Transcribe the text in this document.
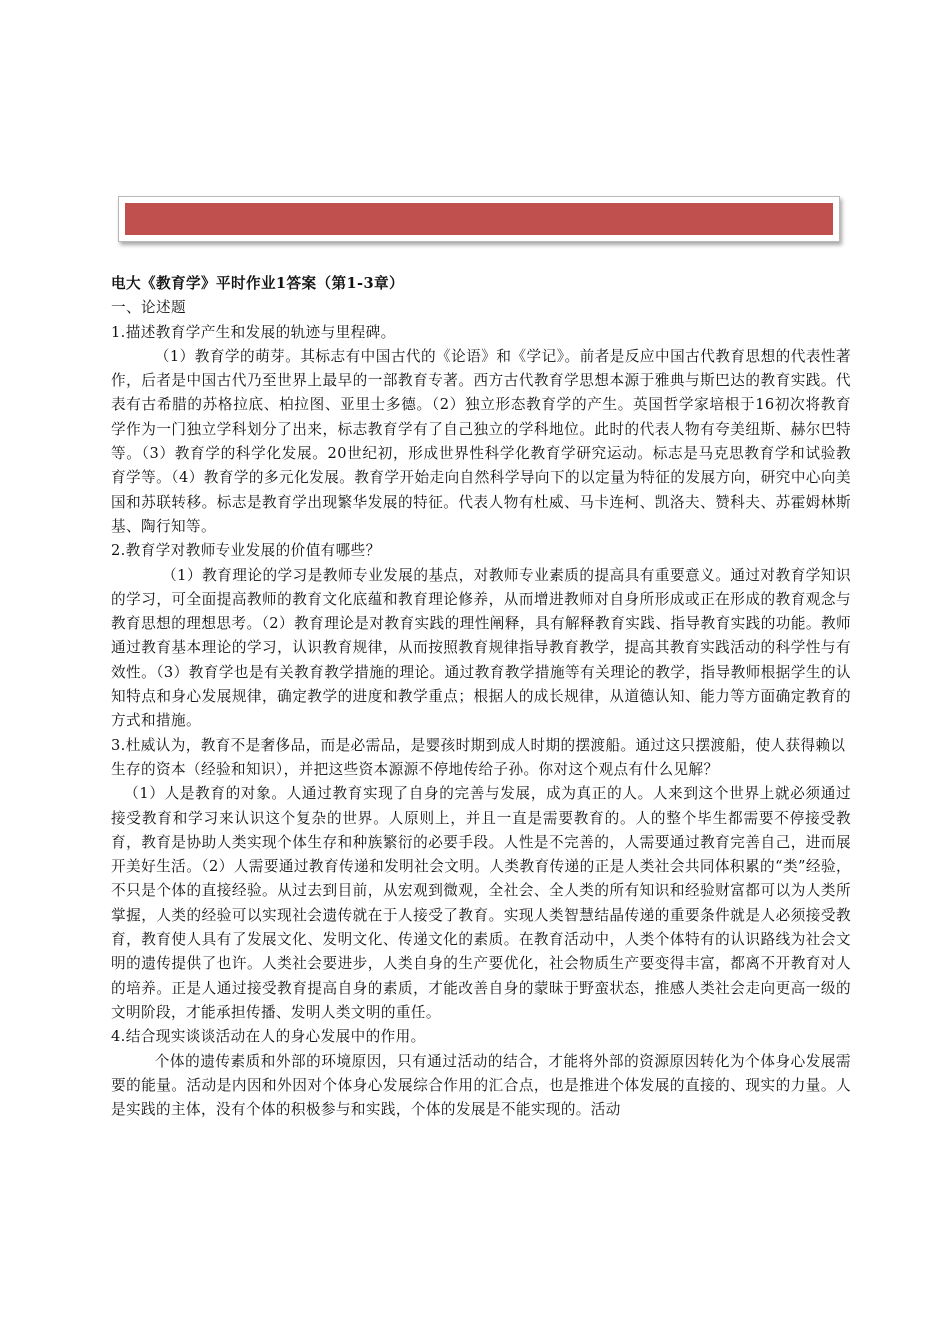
电大《教育学》平时作业1答案（第1-3章）

一、论述题

1.描述教育学产生和发展的轨迹与里程碑。

（1）教育学的萌芽。其标志有中国古代的《论语》和《学记》。前者是反应中国古代教育思想的代表性著作，后者是中国古代乃至世界上最早的一部教育专著。西方古代教育学思想本源于雅典与斯巴达的教育实践。代表有古希腊的苏格拉底、柏拉图、亚里士多德。（2）独立形态教育学的产生。英国哲学家培根于16初次将教育学作为一门独立学科划分了出来，标志教育学有了自己独立的学科地位。此时的代表人物有夸美纽斯、赫尔巴特等。（3）教育学的科学化发展。20世纪初，形成世界性科学化教育学研究运动。标志是马克思教育学和试验教育学等。（4）教育学的多元化发展。教育学开始走向自然科学导向下的以定量为特征的发展方向，研究中心向美国和苏联转移。标志是教育学出现繁华发展的特征。代表人物有杜威、马卡连柯、凯洛夫、赞科夫、苏霍姆林斯基、陶行知等。

2.教育学对教师专业发展的价值有哪些？

（1）教育理论的学习是教师专业发展的基点，对教师专业素质的提高具有重要意义。通过对教育学知识的学习，可全面提高教师的教育文化底蕴和教育理论修养，从而增进教师对自身所形成或正在形成的教育观念与教育思想的理想思考。（2）教育理论是对教育实践的理性阐释，具有解释教育实践、指导教育实践的功能。教师通过教育基本理论的学习，认识教育规律，从而按照教育规律指导教育教学，提高其教育实践活动的科学性与有效性。（3）教育学也是有关教育教学措施的理论。通过教育教学措施等有关理论的教学，指导教师根据学生的认知特点和身心发展规律，确定教学的进度和教学重点；根据人的成长规律，从道德认知、能力等方面确定教育的方式和措施。

3.杜威认为，教育不是奢侈品，而是必需品，是婴孩时期到成人时期的摆渡船。通过这只摆渡船，使人获得赖以生存的资本（经验和知识），并把这些资本源源不停地传给子孙。你对这个观点有什么见解？

（1）人是教育的对象。人通过教育实现了自身的完善与发展，成为真正的人。人来到这个世界上就必须通过接受教育和学习来认识这个复杂的世界。人原则上，并且一直是需要教育的。人的整个毕生都需要不停接受教育，教育是协助人类实现个体生存和种族繁衍的必要手段。人性是不完善的，人需要通过教育完善自己，进而展开美好生活。（2）人需要通过教育传递和发明社会文明。人类教育传递的正是人类社会共同体积累的“类”经验，不只是个体的直接经验。从过去到目前，从宏观到微观，全社会、全人类的所有知识和经验财富都可以为人类所掌握，人类的经验可以实现社会遗传就在于人接受了教育。实现人类智慧结晶传递的重要条件就是人必须接受教育，教育使人具有了发展文化、发明文化、传递文化的素质。在教育活动中，人类个体特有的认识路线为社会文明的遗传提供了也许。人类社会要进步，人类自身的生产要优化，社会物质生产要变得丰富，都离不开教育对人的培养。正是人通过接受教育提高自身的素质，才能改善自身的蒙昧于野蛮状态，推感人类社会走向更高一级的文明阶段，才能承担传播、发明人类文明的重任。

4.结合现实谈谈活动在人的身心发展中的作用。

个体的遗传素质和外部的环境原因，只有通过活动的结合，才能将外部的资源原因转化为个体身心发展需要的能量。活动是内因和外因对个体身心发展综合作用的汇合点，也是推进个体发展的直接的、现实的力量。人是实践的主体，没有个体的积极参与和实践，个体的发展是不能实现的。活动
